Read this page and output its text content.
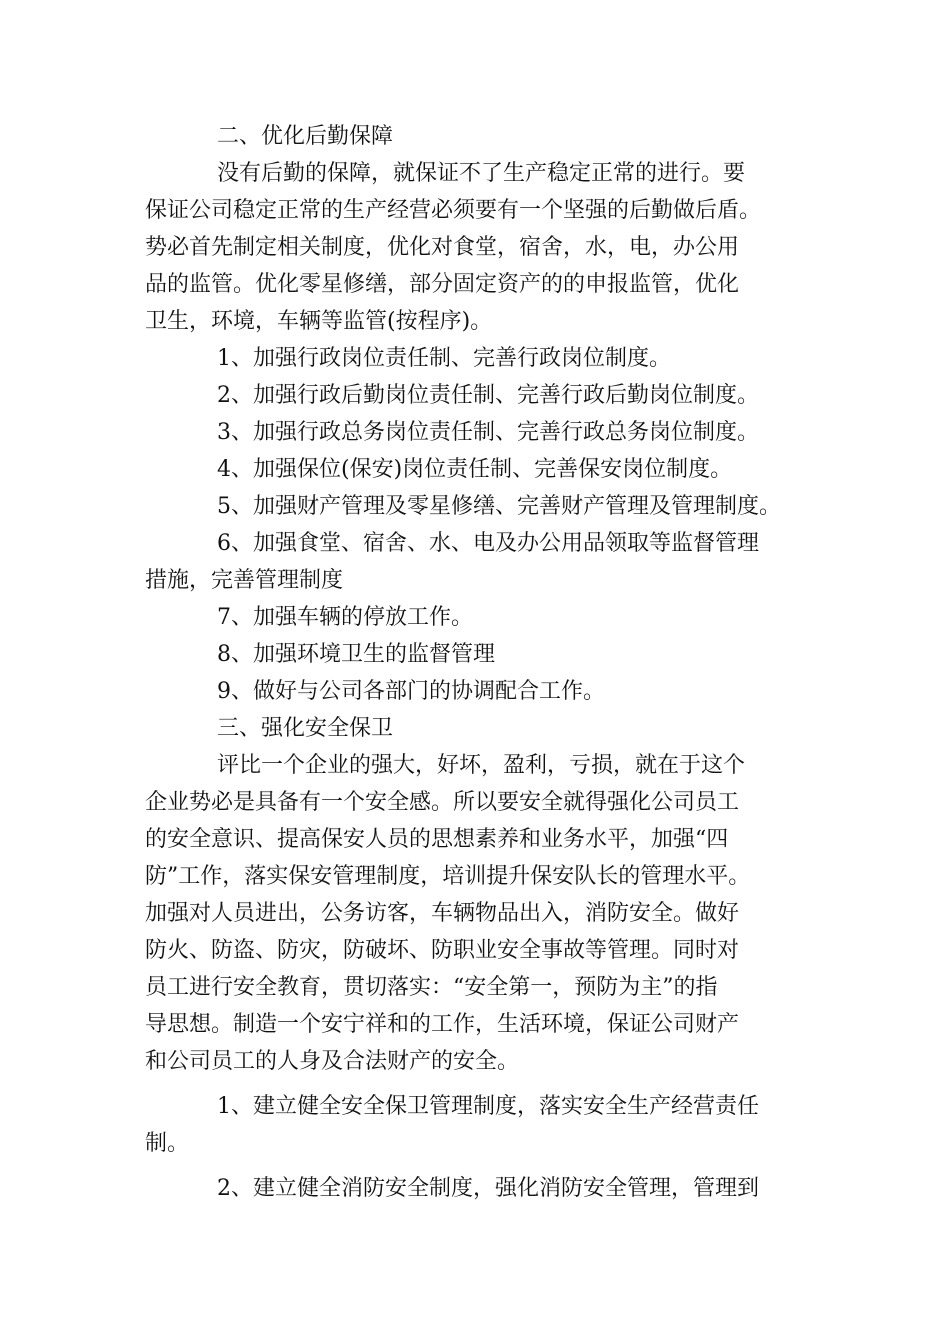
二、优化后勤保障
没有后勤的保障，就保证不了生产稳定正常的进行。要
保证公司稳定正常的生产经营必须要有一个坚强的后勤做后盾。
势必首先制定相关制度，优化对食堂，宿舍，水，电，办公用
品的监管。优化零星修缮，部分固定资产的的申报监管，优化
卫生，环境，车辆等监管(按程序)。
1、加强行政岗位责任制、完善行政岗位制度。
2、加强行政后勤岗位责任制、完善行政后勤岗位制度。
3、加强行政总务岗位责任制、完善行政总务岗位制度。
4、加强保位(保安)岗位责任制、完善保安岗位制度。
5、加强财产管理及零星修缮、完善财产管理及管理制度。
6、加强食堂、宿舍、水、电及办公用品领取等监督管理
措施，完善管理制度
7、加强车辆的停放工作。
8、加强环境卫生的监督管理
9、做好与公司各部门的协调配合工作。
三、强化安全保卫
评比一个企业的强大，好坏，盈利，亏损，就在于这个
企业势必是具备有一个安全感。所以要安全就得强化公司员工
的安全意识、提高保安人员的思想素养和业务水平，加强“四
防”工作，落实保安管理制度，培训提升保安队长的管理水平。
加强对人员进出，公务访客，车辆物品出入，消防安全。做好
防火、防盗、防灾，防破坏、防职业安全事故等管理。同时对
员工进行安全教育，贯切落实：“安全第一，预防为主”的指
导思想。制造一个安宁祥和的工作，生活环境，保证公司财产
和公司员工的人身及合法财产的安全。
1、建立健全安全保卫管理制度，落实安全生产经营责任
制。
2、建立健全消防安全制度，强化消防安全管理，管理到
